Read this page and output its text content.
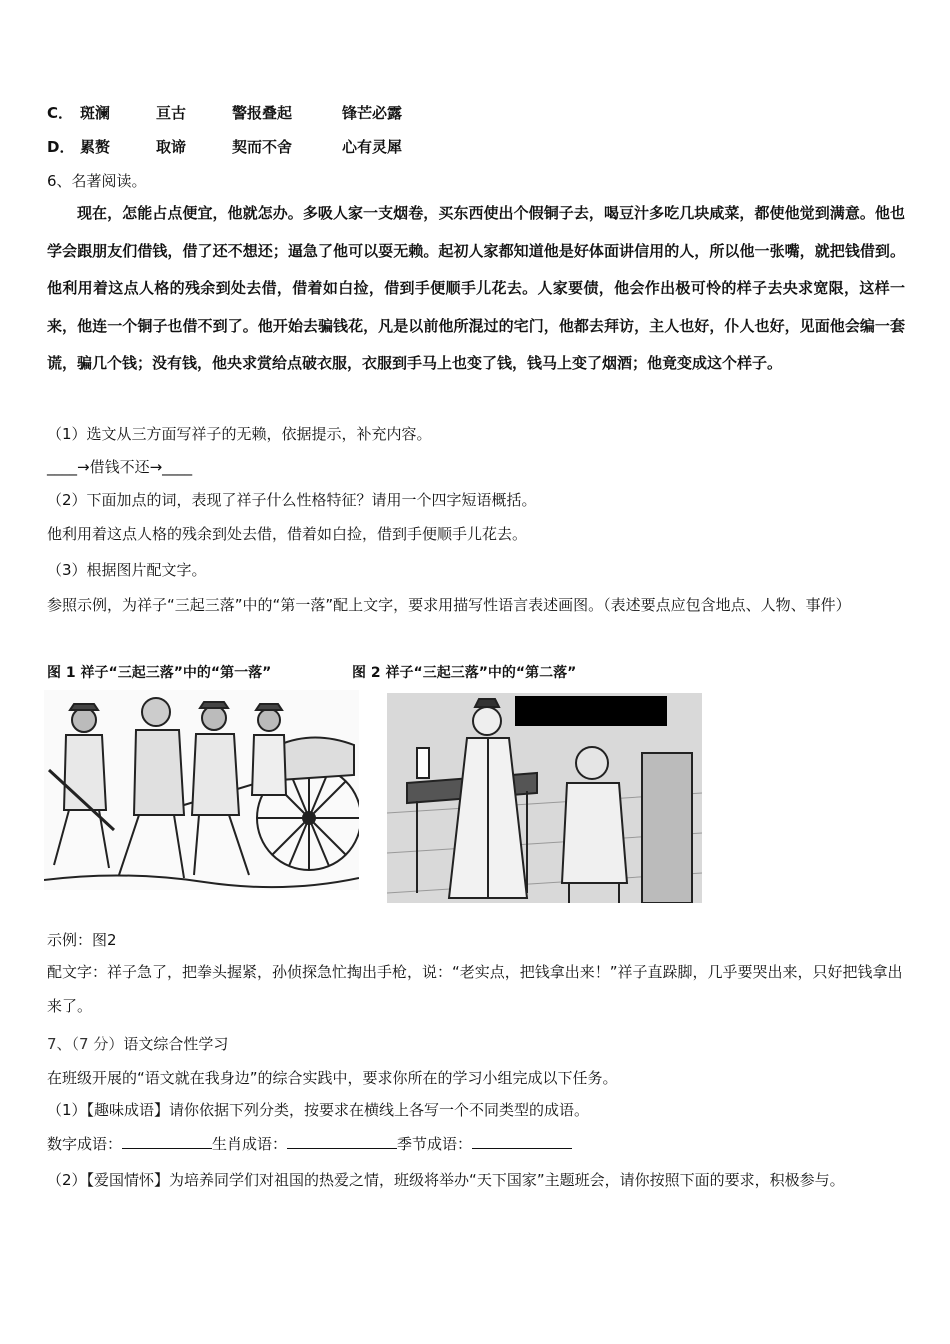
C． 斑澜	亘古	警报叠起	锋芒必露
D． 累赘	取谛	契而不舍	心有灵犀
6、名著阅读。
现在，怎能占点便宜，他就怎办。多吸人家一支烟卷，买东西使出个假铜子去，喝豆汁多吃几块咸菜，都使他觉到满意。他也学会跟朋友们借钱，借了还不想还；逼急了他可以耍无赖。起初人家都知道他是好体面讲信用的人，所以他一张嘴，就把钱借到。他利用着这点人格的残余到处去借，借着如白捡，借到手便顺手儿花去。人家要债，他会作出极可怜的样子去央求宽限，这样一来，他连一个铜子也借不到了。他开始去骗钱花，凡是以前他所混过的宅门，他都去拜访，主人也好，仆人也好，见面他会编一套谎，骗几个钱；没有钱，他央求赏给点破衣服，衣服到手马上也变了钱，钱马上变了烟酒；他竟变成这个样子。
（1）选文从三方面写祥子的无赖，依据提示，补充内容。
____→借钱不还→____
（2）下面加点的词，表现了祥子什么性格特征？请用一个四字短语概括。
他利用着这点人格的残余到处去借，借着如白捡，借到手便顺手儿花去。
（3）根据图片配文字。
参照示例，为祥子“三起三落”中的“第一落”配上文字，要求用描写性语言表述画图。（表述要点应包含地点、人物、事件）
图 1 祥子“三起三落”中的“第一落”	图 2 祥子“三起三落”中的“第二落”
示例：图2
配文字：祥子急了，把拳头握紧，孙侦探急忙掏出手枪，说：“老实点，把钱拿出来！”祥子直跺脚，几乎要哭出来，只好把钱拿出来了。
7、（7 分）语文综合性学习
在班级开展的“语文就在我身边”的综合实践中，要求你所在的学习小组完成以下任务。
（1）【趣味成语】请你依据下列分类，按要求在横线上各写一个不同类型的成语。
数字成语：	生肖成语：	季节成语：
（2）【爱国情怀】为培养同学们对祖国的热爱之情，班级将举办“天下国家”主题班会，请你按照下面的要求，积极参与。
